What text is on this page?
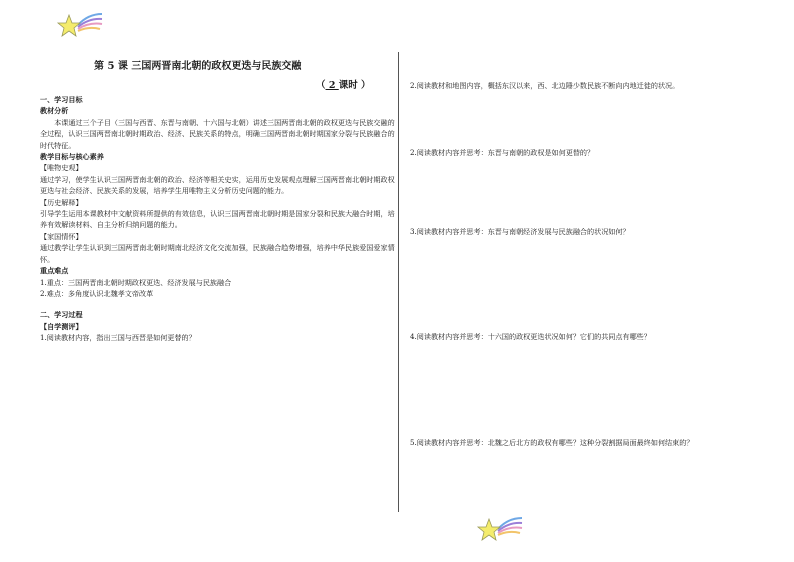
第 5 课 三国两晋南北朝的政权更迭与民族交融
（ 2 课时 ）
一、学习目标
教材分析
本课通过三个子目（三国与西晋、东晋与南朝、十六国与北朝）讲述三国两晋南北朝的政权更迭与民族交融的全过程，认识三国两晋南北朝时期政治、经济、民族关系的特点，明确三国两晋南北朝时期国家分裂与民族融合的时代特征。
教学目标与核心素养
【唯物史观】
通过学习，使学生认识三国两晋南北朝的政治、经济等相关史实，运用历史发展观点理解三国两晋南北朝时期政权更迭与社会经济、民族关系的发展，培养学生用唯物主义分析历史问题的能力。
【历史解释】
引导学生运用本课教材中文献资料所提供的有效信息，认识三国两晋南北朝时期是国家分裂和民族大融合时期，培养有效解读材料、自主分析归纳问题的能力。
【家国情怀】
通过教学让学生认识到三国两晋南北朝时期南北经济文化交流加强，民族融合趋势增强，培养中华民族爱国爱家情怀。
重点难点
1.重点：三国两晋南北朝时期政权更迭、经济发展与民族融合
2.难点：多角度认识北魏孝文帝改革
二、学习过程
【自学测评】
1.阅读教材内容，指出三国与西晋是如何更替的？
2.阅读教材和地图内容，概括东汉以来，西、北边陲少数民族不断向内地迁徙的状况。
2.阅读教材内容并思考：东晋与南朝的政权是如何更替的？
3.阅读教材内容并思考：东晋与南朝经济发展与民族融合的状况如何？
4.阅读教材内容并思考：十六国的政权更迭状况如何？它们的共同点有哪些？
5.阅读教材内容并思考：北魏之后北方的政权有哪些？这种分裂割据局面最终如何结束的？
